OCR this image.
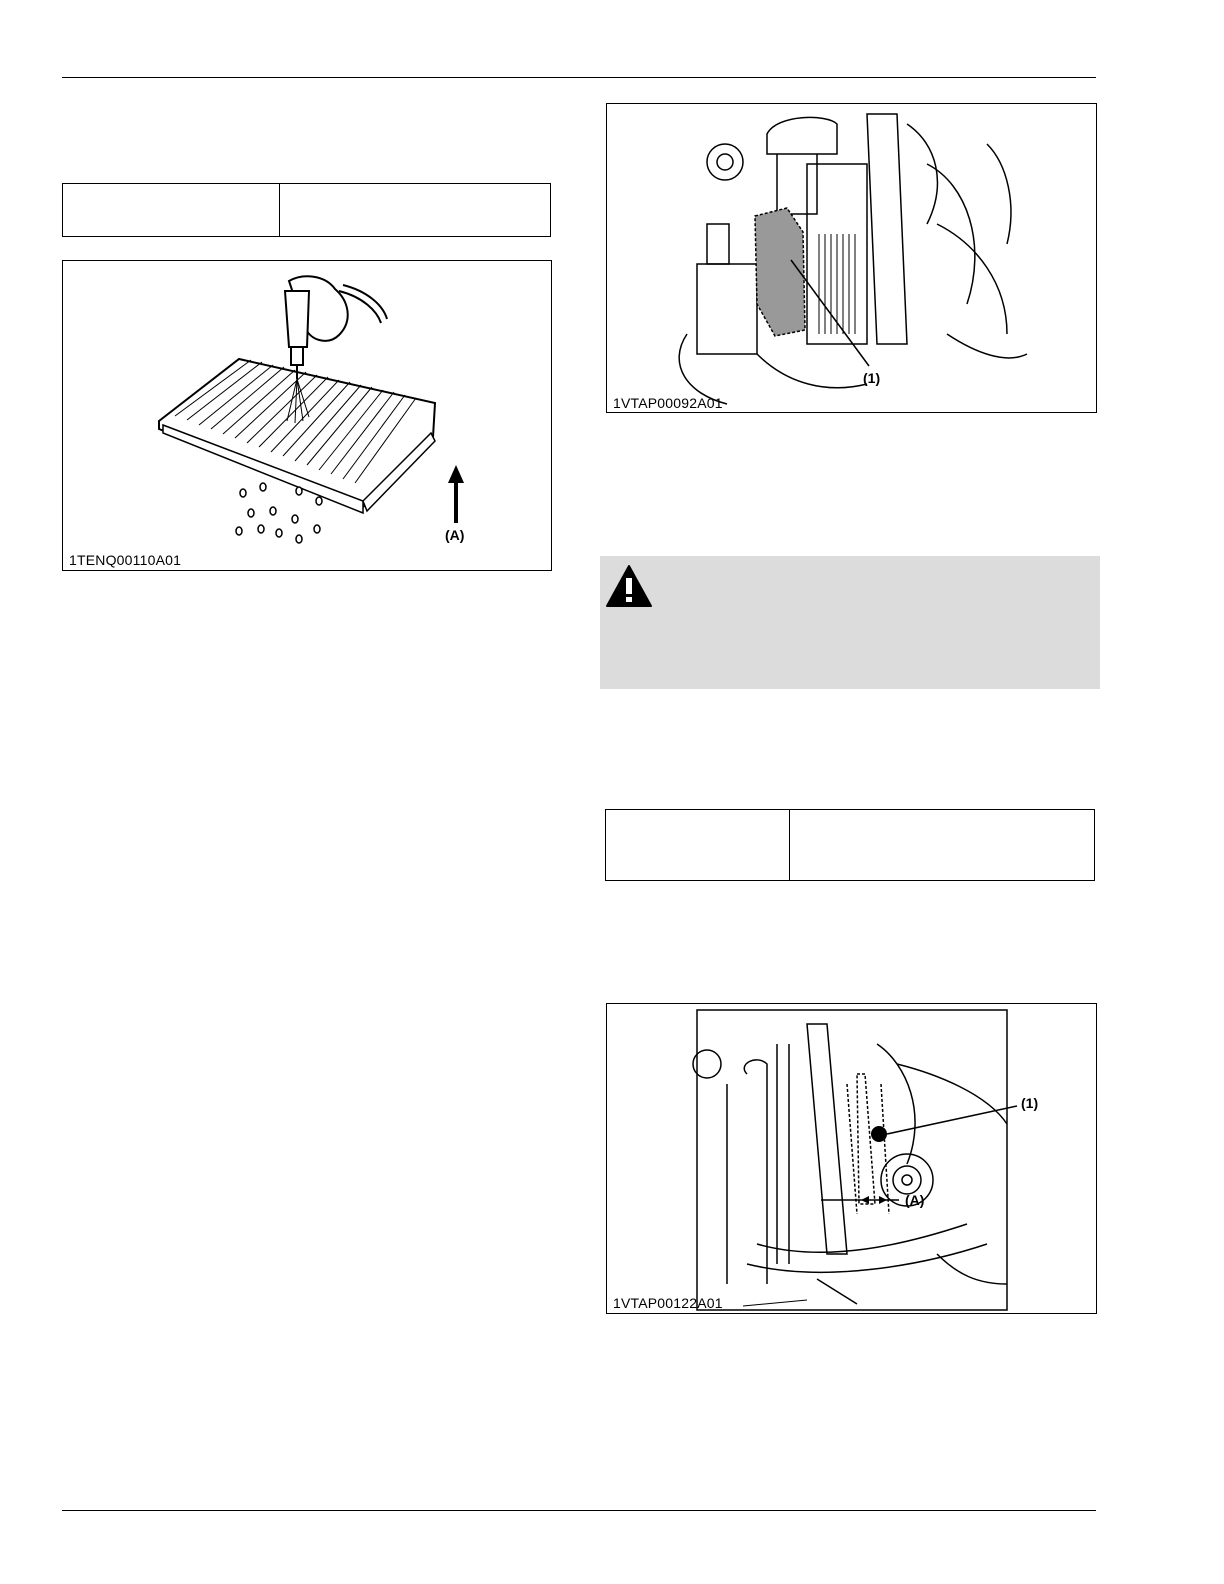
(A)
1TENQ00110A01
(1)
1VTAP00092A01
(1)
(A)
1VTAP00122A01
